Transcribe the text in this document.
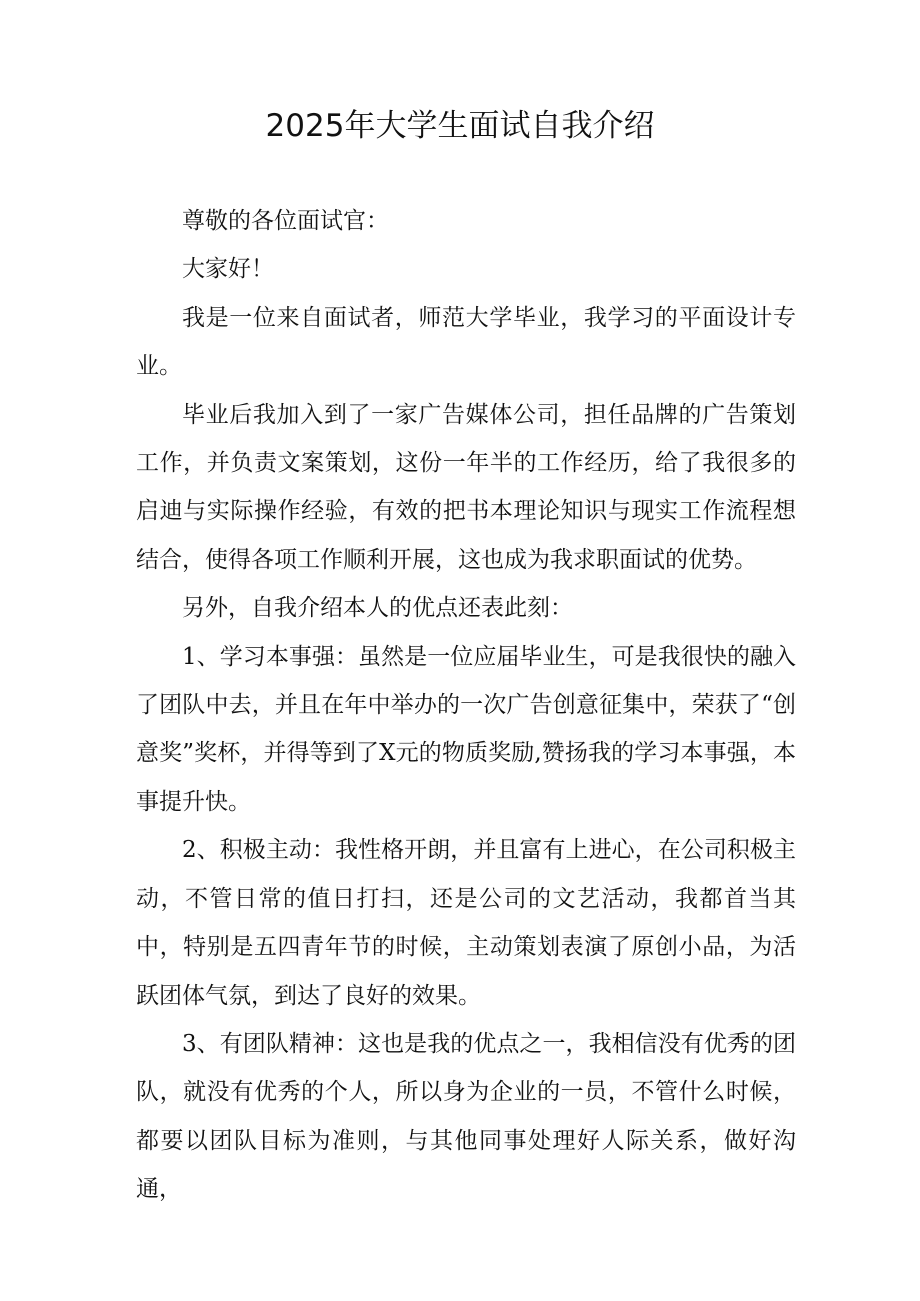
2025年大学生面试自我介绍

尊敬的各位面试官：

大家好！

我是一位来自面试者，师范大学毕业，我学习的平面设计专业。

毕业后我加入到了一家广告媒体公司，担任品牌的广告策划工作，并负责文案策划，这份一年半的工作经历，给了我很多的启迪与实际操作经验，有效的把书本理论知识与现实工作流程想结合，使得各项工作顺利开展，这也成为我求职面试的优势。

另外，自我介绍本人的优点还表此刻：

1、学习本事强：虽然是一位应届毕业生，可是我很快的融入了团队中去，并且在年中举办的一次广告创意征集中，荣获了“创意奖”奖杯，并得等到了X元的物质奖励,赞扬我的学习本事强，本事提升快。

2、积极主动：我性格开朗，并且富有上进心，在公司积极主动，不管日常的值日打扫，还是公司的文艺活动，我都首当其中，特别是五四青年节的时候，主动策划表演了原创小品，为活跃团体气氛，到达了良好的效果。

3、有团队精神：这也是我的优点之一，我相信没有优秀的团队，就没有优秀的个人，所以身为企业的一员，不管什么时候，都要以团队目标为准则，与其他同事处理好人际关系，做好沟通，
